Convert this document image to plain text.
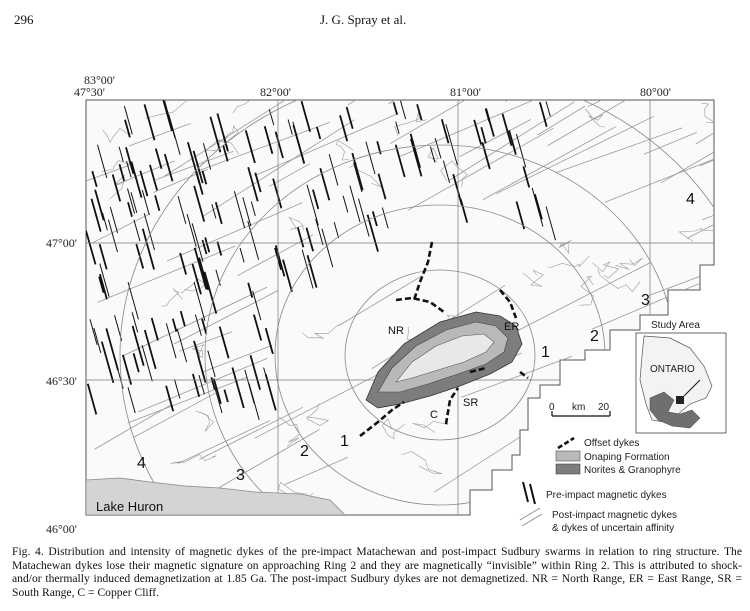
296	J. G. Spray et al.
47°30'
47°00'
46°30'
46°00'
83°00'
82°00'	81°00'	80°00'
1
1
2
2
3
3
4
4
NR	ER
SR
C
Lake Huron
0 km 20
Study Area
ONTARIO
Offset dykes
Onaping Formation
Norites & Granophyre
Pre-impact magnetic dykes
Post-impact magnetic dykes
& dykes of uncertain affinity
Fig. 4. Distribution and intensity of magnetic dykes of the pre-impact Matachewan and post-impact Sudbury swarms in relation to ring structure. The Matachewan dykes lose their magnetic signature on approaching Ring 2 and they are magnetically “invisible” within Ring 2. This is attributed to shock- and/or thermally induced demagnetization at 1.85 Ga. The post-impact Sudbury dykes are not demagnetized. NR = North Range, ER = East Range, SR = South Range, C = Copper Cliff.
